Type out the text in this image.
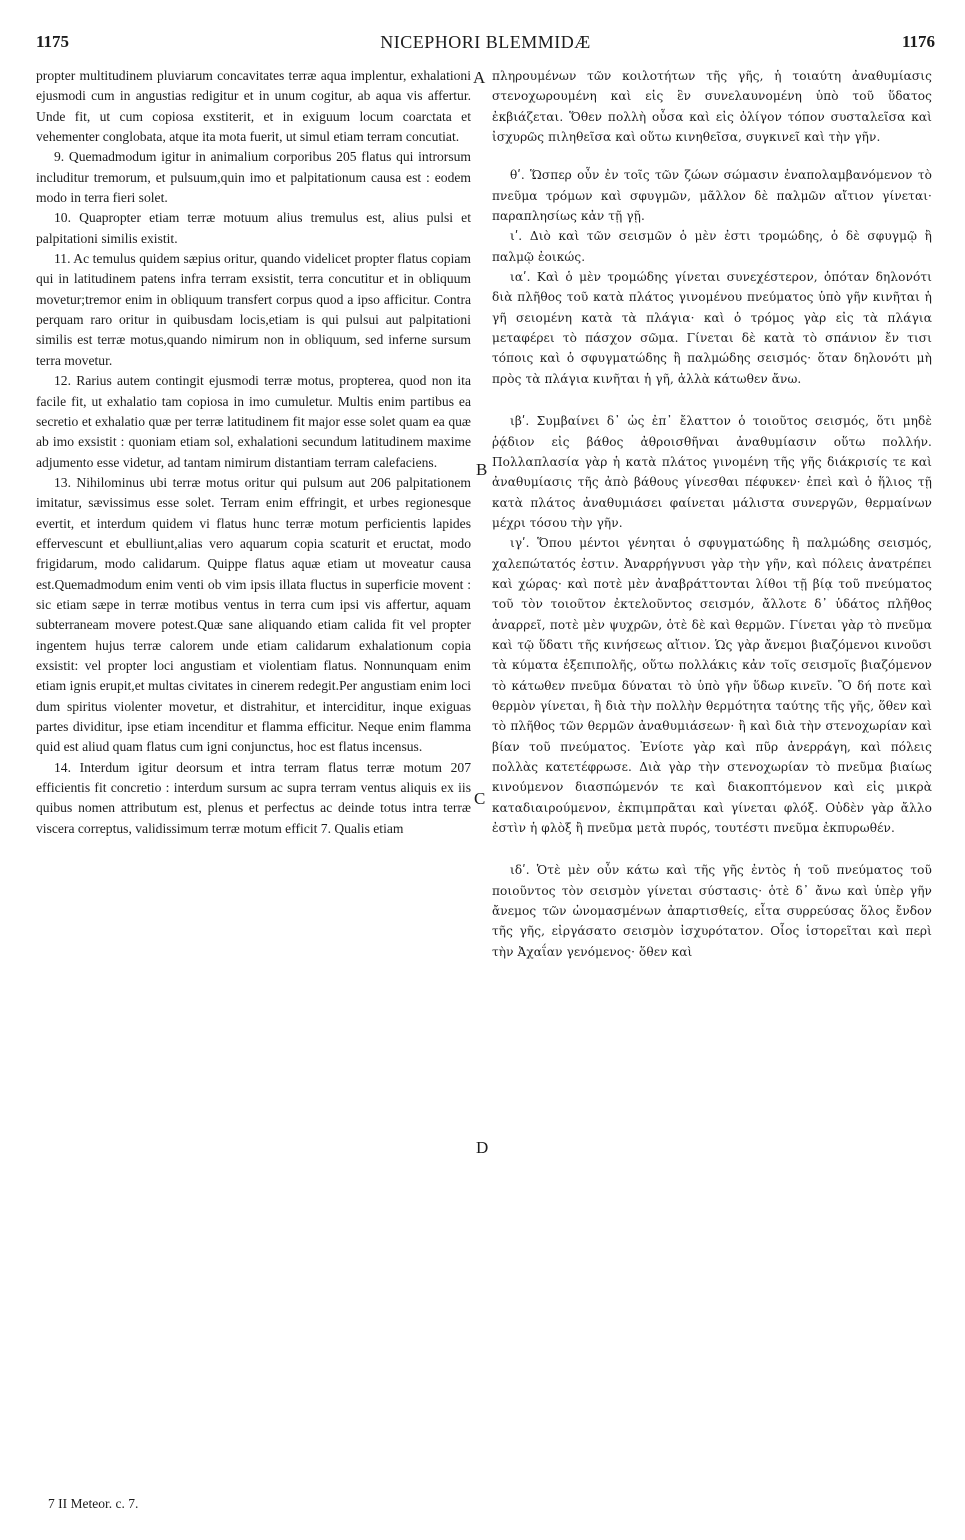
1175	NICEPHORI BLEMMIDÆ	1176
A
B
C
D

propter multitudinem pluviarum concavitates terræ aqua implentur, exhalationi ejusmodi cum in angustias redigitur et in unum cogitur, ab aqua vis affertur. Unde fit, ut cum copiosa exstiterit, et in exiguum locum coarctata et vehementer conglobata, atque ita mota fuerit, ut simul etiam terram concutiat.

9. Quemadmodum igitur in animalium corporibus 205 flatus qui introrsum includitur tremorum, et pulsuum,quin imo et palpitationum causa est : eodem modo in terra fieri solet.

10. Quapropter etiam terræ motuum alius tremulus est, alius pulsi et palpitationi similis existit.

11. Ac temulus quidem sæpius oritur, quando videlicet propter flatus copiam qui in latitudinem patens infra terram exsistit, terra concutitur et in obliquum movetur;tremor enim in obliquum transfert corpus quod a ipso afficitur. Contra perquam raro oritur in quibusdam locis,etiam is qui pulsui aut palpitationi similis est terræ motus,quando nimirum non in obliquum, sed inferne sursum terra movetur.

12. Rarius autem contingit ejusmodi terræ motus, propterea, quod non ita facile fit, ut exhalatio tam copiosa in imo cumuletur. Multis enim partibus ea secretio et exhalatio quæ per terræ latitudinem fit major esse solet quam ea quæ ab imo exsistit : quoniam etiam sol, exhalationi secundum latitudinem maxime adjumento esse videtur, ad tantam nimirum distantiam terram calefaciens.

13. Nihilominus ubi terræ motus oritur qui pulsum aut 206 palpitationem imitatur, sævissimus esse solet. Terram enim effringit, et urbes regionesque evertit, et interdum quidem vi flatus hunc terræ motum perficientis lapides effervescunt et ebulliunt,alias vero aquarum copia scaturit et eructat, modo frigidarum, modo calidarum. Quippe flatus aquæ etiam ut moveatur causa est.Quemadmodum enim venti ob vim ipsis illata fluctus in superficie movent : sic etiam sæpe in terræ motibus ventus in terra cum ipsi vis affertur, aquam subterraneam movere potest.Quæ sane aliquando etiam calida fit vel propter ingentem hujus terræ calorem unde etiam calidarum exhalationum copia exsistit: vel propter loci angustiam et violentiam flatus. Nonnunquam enim etiam ignis erupit,et multas civitates in cinerem redegit.Per angustiam enim loci dum spiritus violenter movetur, et distrahitur, et interciditur, inque exiguas partes dividitur, ipse etiam incenditur et flamma efficitur. Neque enim flamma quid est aliud quam flatus cum igni conjunctus, hoc est flatus incensus.

14. Interdum igitur deorsum et intra terram flatus terræ motum 207 efficientis fit concretio : interdum sursum ac supra terram ventus aliquis ex iis quibus nomen attributum est, plenus et perfectus ac deinde totus intra terræ viscera correptus, validissimum terræ motum efficit 7. Qualis etiam

πληρουμένων τῶν κοιλοτήτων τῆς γῆς, ἡ τοιαύτη ἀναθυμίασις στενοχωρουμένη καὶ εἰς ἓν συνελαυνομένη ὑπὸ τοῦ ὕδατος ἐκβιάζεται. Ὅθεν πολλὴ οὖσα καὶ εἰς ὀλίγον τόπον συσταλεῖσα καὶ ἰσχυρῶς πιληθεῖσα καὶ οὕτω κινηθεῖσα, συγκινεῖ καὶ τὴν γῆν.

θʹ. Ὥσπερ οὖν ἐν τοῖς τῶν ζώων σώμασιν ἐναπολαμβανόμενον τὸ πνεῦμα τρόμων καὶ σφυγμῶν, μᾶλλον δὲ παλμῶν αἴτιον γίνεται· παραπλησίως κἀν τῇ γῇ.

ιʹ. Διὸ καὶ τῶν σεισμῶν ὁ μὲν ἐστι τρομώδης, ὁ δὲ σφυγμῷ ἢ παλμῷ ἐοικώς.

ιαʹ. Καὶ ὁ μὲν τρομώδης γίνεται συνεχέστερον, ὁπόταν δηλονότι διὰ πλῆθος τοῦ κατὰ πλάτος γινομένου πνεύματος ὑπὸ γῆν κινῆται ἡ γῆ σειομένη κατὰ τὰ πλάγια· καὶ ὁ τρόμος γὰρ εἰς τὰ πλάγια μεταφέρει τὸ πάσχον σῶμα. Γίνεται δὲ κατὰ τὸ σπάνιον ἔν τισι τόποις καὶ ὁ σφυγματώδης ἢ παλμώδης σεισμός· ὅταν δηλονότι μὴ πρὸς τὰ πλάγια κινῆται ἡ γῆ, ἀλλὰ κάτωθεν ἄνω.

ιβʹ. Συμβαίνει δ᾽ ὡς ἐπ᾽ ἔλαττον ὁ τοιοῦτος σεισμός, ὅτι μηδὲ ῥᾴδιον εἰς βάθος ἀθροισθῆναι ἀναθυμίασιν οὕτω πολλήν. Πολλαπλασία γὰρ ἡ κατὰ πλάτος γινομένη τῆς γῆς διάκρισίς τε καὶ ἀναθυμίασις τῆς ἀπὸ βάθους γίνεσθαι πέφυκεν· ἐπεὶ καὶ ὁ ἥλιος τῇ κατὰ πλάτος ἀναθυμιάσει φαίνεται μάλιστα συνεργῶν, θερμαίνων μέχρι τόσου τὴν γῆν.

ιγʹ. Ὅπου μέντοι γένηται ὁ σφυγματώδης ἢ παλμώδης σεισμός, χαλεπώτατός ἐστιν. Ἀναρρήγνυσι γὰρ τὴν γῆν, καὶ πόλεις ἀνατρέπει καὶ χώρας· καὶ ποτὲ μὲν ἀναβράττονται λίθοι τῇ βίᾳ τοῦ πνεύματος τοῦ τὸν τοιοῦτον ἐκτελοῦντος σεισμόν, ἄλλοτε δ᾽ ὑδάτος πλῆθος ἀναρρεῖ, ποτὲ μὲν ψυχρῶν, ὁτὲ δὲ καὶ θερμῶν. Γίνεται γὰρ τὸ πνεῦμα καὶ τῷ ὕδατι τῆς κινήσεως αἴτιον. Ὡς γὰρ ἄνεμοι βιαζόμενοι κινοῦσι τὰ κύματα ἐξεπιπολῆς, οὕτω πολλάκις κἀν τοῖς σεισμοῖς βιαζόμενον τὸ κάτωθεν πνεῦμα δύναται τὸ ὑπὸ γῆν ὕδωρ κινεῖν. Ὃ δή ποτε καὶ θερμὸν γίνεται, ἢ διὰ τὴν πολλὴν θερμότητα ταύτης τῆς γῆς, ὅθεν καὶ τὸ πλῆθος τῶν θερμῶν ἀναθυμιάσεων· ἢ καὶ διὰ τὴν στενοχωρίαν καὶ βίαν τοῦ πνεύματος. Ἐνίοτε γὰρ καὶ πῦρ ἀνερράγη, καὶ πόλεις πολλὰς κατετέφρωσε. Διὰ γὰρ τὴν στενοχωρίαν τὸ πνεῦμα βιαίως κινούμενον διασπώμενόν τε καὶ διακοπτόμενον καὶ εἰς μικρὰ καταδιαιρούμενον, ἐκπιμπρᾶται καὶ γίνεται φλόξ. Οὐδὲν γὰρ ἄλλο ἐστὶν ἡ φλὸξ ἢ πνεῦμα μετὰ πυρός, τουτέστι πνεῦμα ἐκπυρωθέν.

ιδʹ. Ὁτὲ μὲν οὖν κάτω καὶ τῆς γῆς ἐντὸς ἡ τοῦ πνεύματος τοῦ ποιοῦντος τὸν σεισμὸν γίνεται σύστασις· ὁτὲ δ᾽ ἄνω καὶ ὑπὲρ γῆν ἄνεμος τῶν ὠνομασμένων ἀπαρτισθείς, εἶτα συρρεύσας ὅλος ἔνδον τῆς γῆς, εἰργάσατο σεισμὸν ἰσχυρότατον. Οἷος ἱστορεῖται καὶ περὶ τὴν Ἀχαΐαν γενόμενος· ὅθεν καὶ

7 II Meteor. c. 7.
